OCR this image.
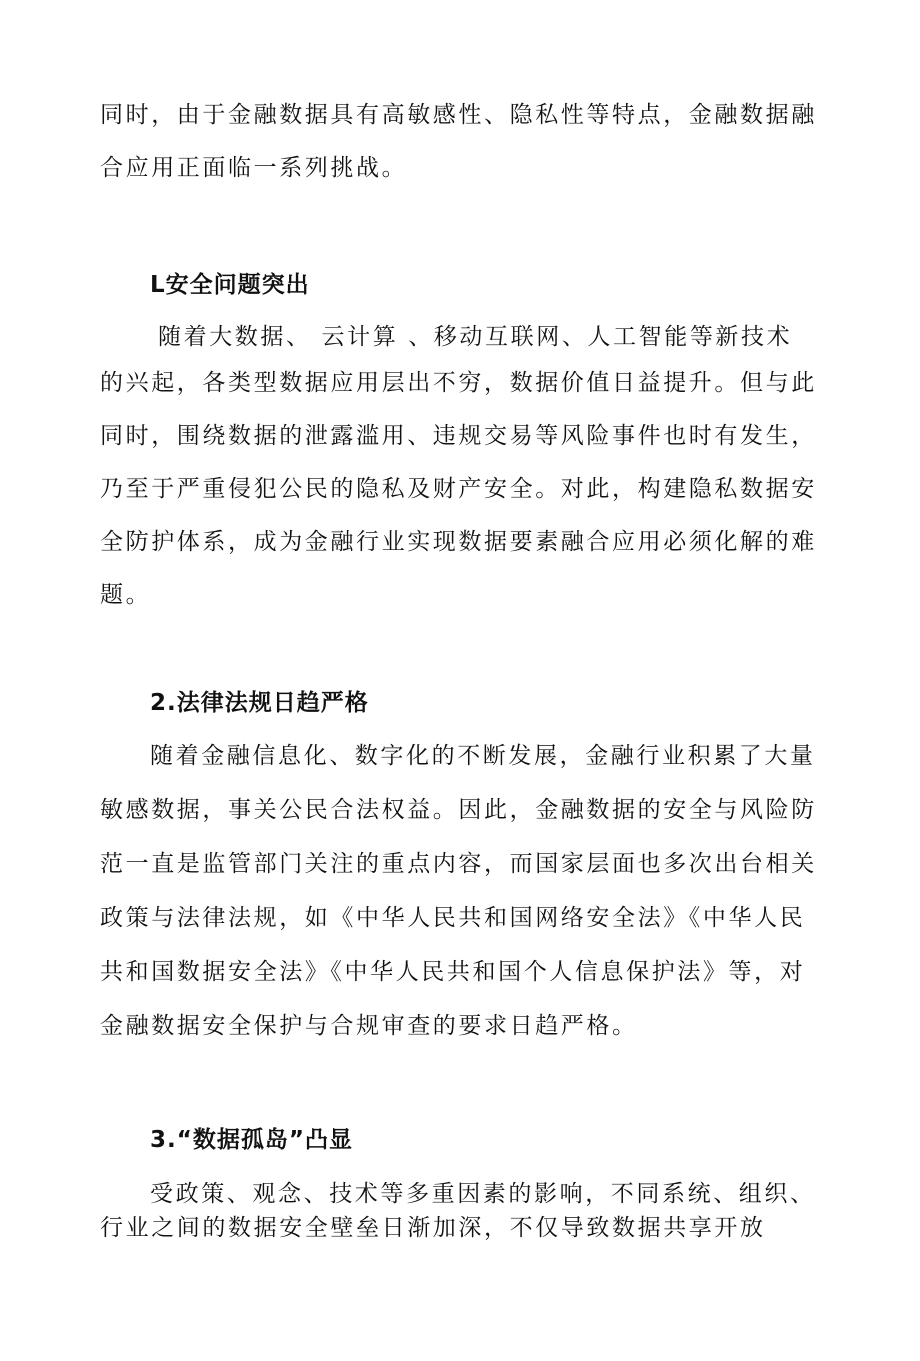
同时，由于金融数据具有高敏感性、隐私性等特点，金融数据融

合应用正面临一系列挑战。

L安全问题突出

随着大数据、 云计算 、移动互联网、人工智能等新技术

的兴起，各类型数据应用层出不穷，数据价值日益提升。但与此

同时，围绕数据的泄露滥用、违规交易等风险事件也时有发生，

乃至于严重侵犯公民的隐私及财产安全。对此，构建隐私数据安

全防护体系，成为金融行业实现数据要素融合应用必须化解的难

题。

2.法律法规日趋严格

随着金融信息化、数字化的不断发展，金融行业积累了大量

敏感数据，事关公民合法权益。因此，金融数据的安全与风险防

范一直是监管部门关注的重点内容，而国家层面也多次出台相关

政策与法律法规，如《中华人民共和国网络安全法》《中华人民

共和国数据安全法》《中华人民共和国个人信息保护法》等，对

金融数据安全保护与合规审查的要求日趋严格。

3.“数据孤岛”凸显

受政策、观念、技术等多重因素的影响，不同系统、组织、

行业之间的数据安全壁垒日渐加深，不仅导致数据共享开放
